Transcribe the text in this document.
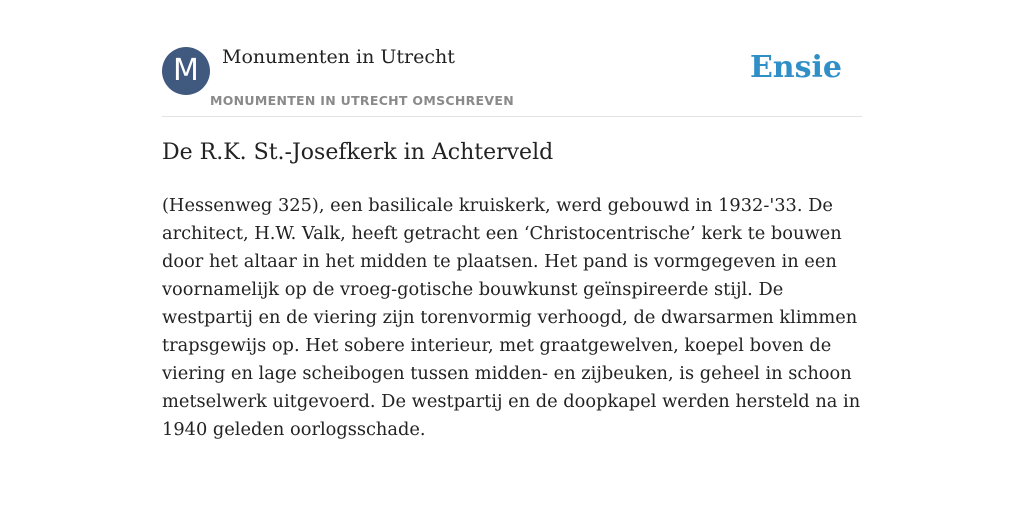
M	Monumenten in Utrecht
MONUMENTEN IN UTRECHT OMSCHREVEN
Ensie
De R.K. St.-Josefkerk in Achterveld

(Hessenweg 325), een basilicale kruiskerk, werd gebouwd in 1932-'33. De architect, H.W. Valk, heeft getracht een ‘Christocentrische’ kerk te bouwen door het altaar in het midden te plaatsen. Het pand is vormgegeven in een voornamelijk op de vroeg-gotische bouwkunst geïnspireerde stijl. De westpartij en de viering zijn torenvormig verhoogd, de dwarsarmen klimmen trapsgewijs op. Het sobere interieur, met graatgewelven, koepel boven de viering en lage scheibogen tussen midden- en zijbeuken, is geheel in schoon metselwerk uitgevoerd. De westpartij en de doopkapel werden hersteld na in 1940 geleden oorlogsschade.
